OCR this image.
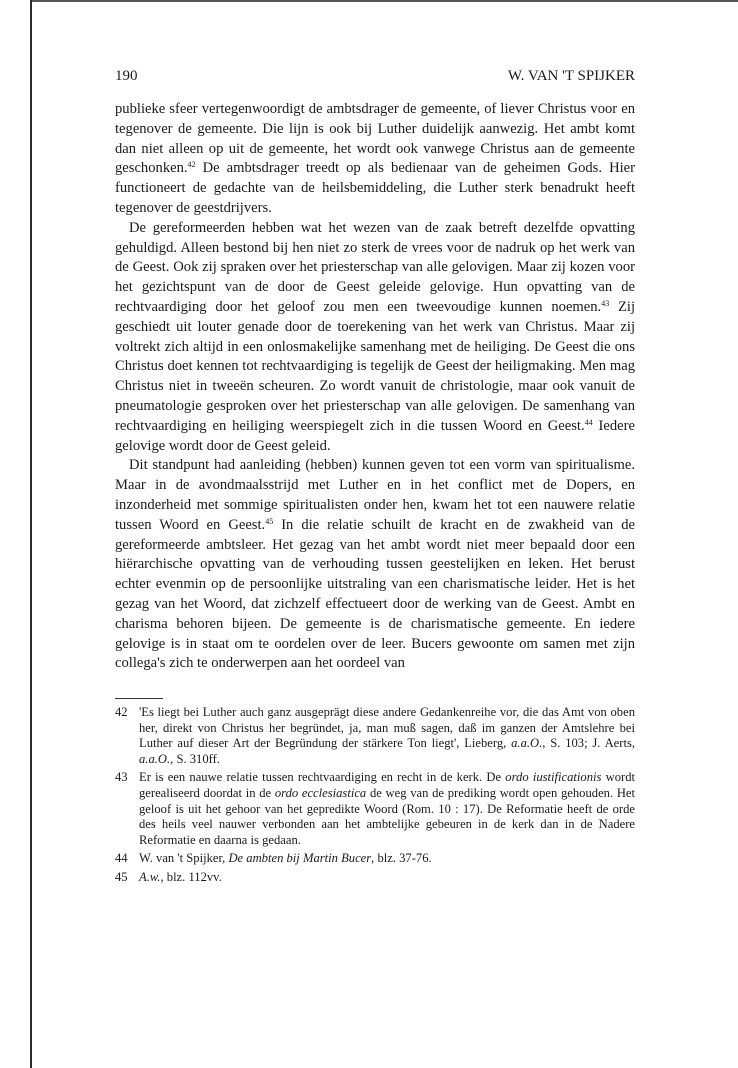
190	W. VAN 'T SPIJKER

publieke sfeer vertegenwoordigt de ambtsdrager de gemeente, of liever Christus voor en tegenover de gemeente. Die lijn is ook bij Luther duidelijk aanwezig. Het ambt komt dan niet alleen op uit de gemeente, het wordt ook vanwege Christus aan de gemeente geschonken.$^{42}$ De ambtsdrager treedt op als bedienaar van de geheimen Gods. Hier functioneert de gedachte van de heilsbemiddeling, die Luther sterk benadrukt heeft tegenover de geestdrijvers.

De gereformeerden hebben wat het wezen van de zaak betreft dezelfde opvatting gehuldigd. Alleen bestond bij hen niet zo sterk de vrees voor de nadruk op het werk van de Geest. Ook zij spraken over het priesterschap van alle gelovigen. Maar zij kozen voor het gezichtspunt van de door de Geest geleide gelovige. Hun opvatting van de rechtvaardiging door het geloof zou men een tweevoudige kunnen noemen.$^{43}$ Zij geschiedt uit louter genade door de toerekening van het werk van Christus. Maar zij voltrekt zich altijd in een onlosmakelijke samenhang met de heiliging. De Geest die ons Christus doet kennen tot rechtvaardiging is tegelijk de Geest der heiligmaking. Men mag Christus niet in tweeën scheuren. Zo wordt vanuit de christologie, maar ook vanuit de pneumatologie gesproken over het priesterschap van alle gelovigen. De samenhang van rechtvaardiging en heiliging weerspiegelt zich in die tussen Woord en Geest.$^{44}$ Iedere gelovige wordt door de Geest geleid.

Dit standpunt had aanleiding (hebben) kunnen geven tot een vorm van spiritualisme. Maar in de avondmaalsstrijd met Luther en in het conflict met de Dopers, en inzonderheid met sommige spiritualisten onder hen, kwam het tot een nauwere relatie tussen Woord en Geest.$^{45}$ In die relatie schuilt de kracht en de zwakheid van de gereformeerde ambtsleer. Het gezag van het ambt wordt niet meer bepaald door een hiërarchische opvatting van de verhouding tussen geestelijken en leken. Het berust echter evenmin op de persoonlijke uitstraling van een charismatische leider. Het is het gezag van het Woord, dat zichzelf effectueert door de werking van de Geest. Ambt en charisma behoren bijeen. De gemeente is de charismatische gemeente. En iedere gelovige is in staat om te oordelen over de leer. Bucers gewoonte om samen met zijn collega's zich te onderwerpen aan het oordeel van

42 'Es liegt bei Luther auch ganz ausgeprägt diese andere Gedankenreihe vor, die das Amt von oben her, direkt von Christus her begründet, ja, man muß sagen, daß im ganzen der Amtslehre bei Luther auf dieser Art der Begründung der stärkere Ton liegt', Lieberg, a.a.O., S. 103; J. Aerts, a.a.O., S. 310ff.
43 Er is een nauwe relatie tussen rechtvaardiging en recht in de kerk. De ordo iustificationis wordt gerealiseerd doordat in de ordo ecclesiastica de weg van de prediking wordt open gehouden. Het geloof is uit het gehoor van het gepredikte Woord (Rom. 10 : 17). De Reformatie heeft de orde des heils veel nauwer verbonden aan het ambtelijke gebeuren in de kerk dan in de Nadere Reformatie en daarna is gedaan.
44 W. van 't Spijker, De ambten bij Martin Bucer, blz. 37-76.
45 A.w., blz. 112vv.
